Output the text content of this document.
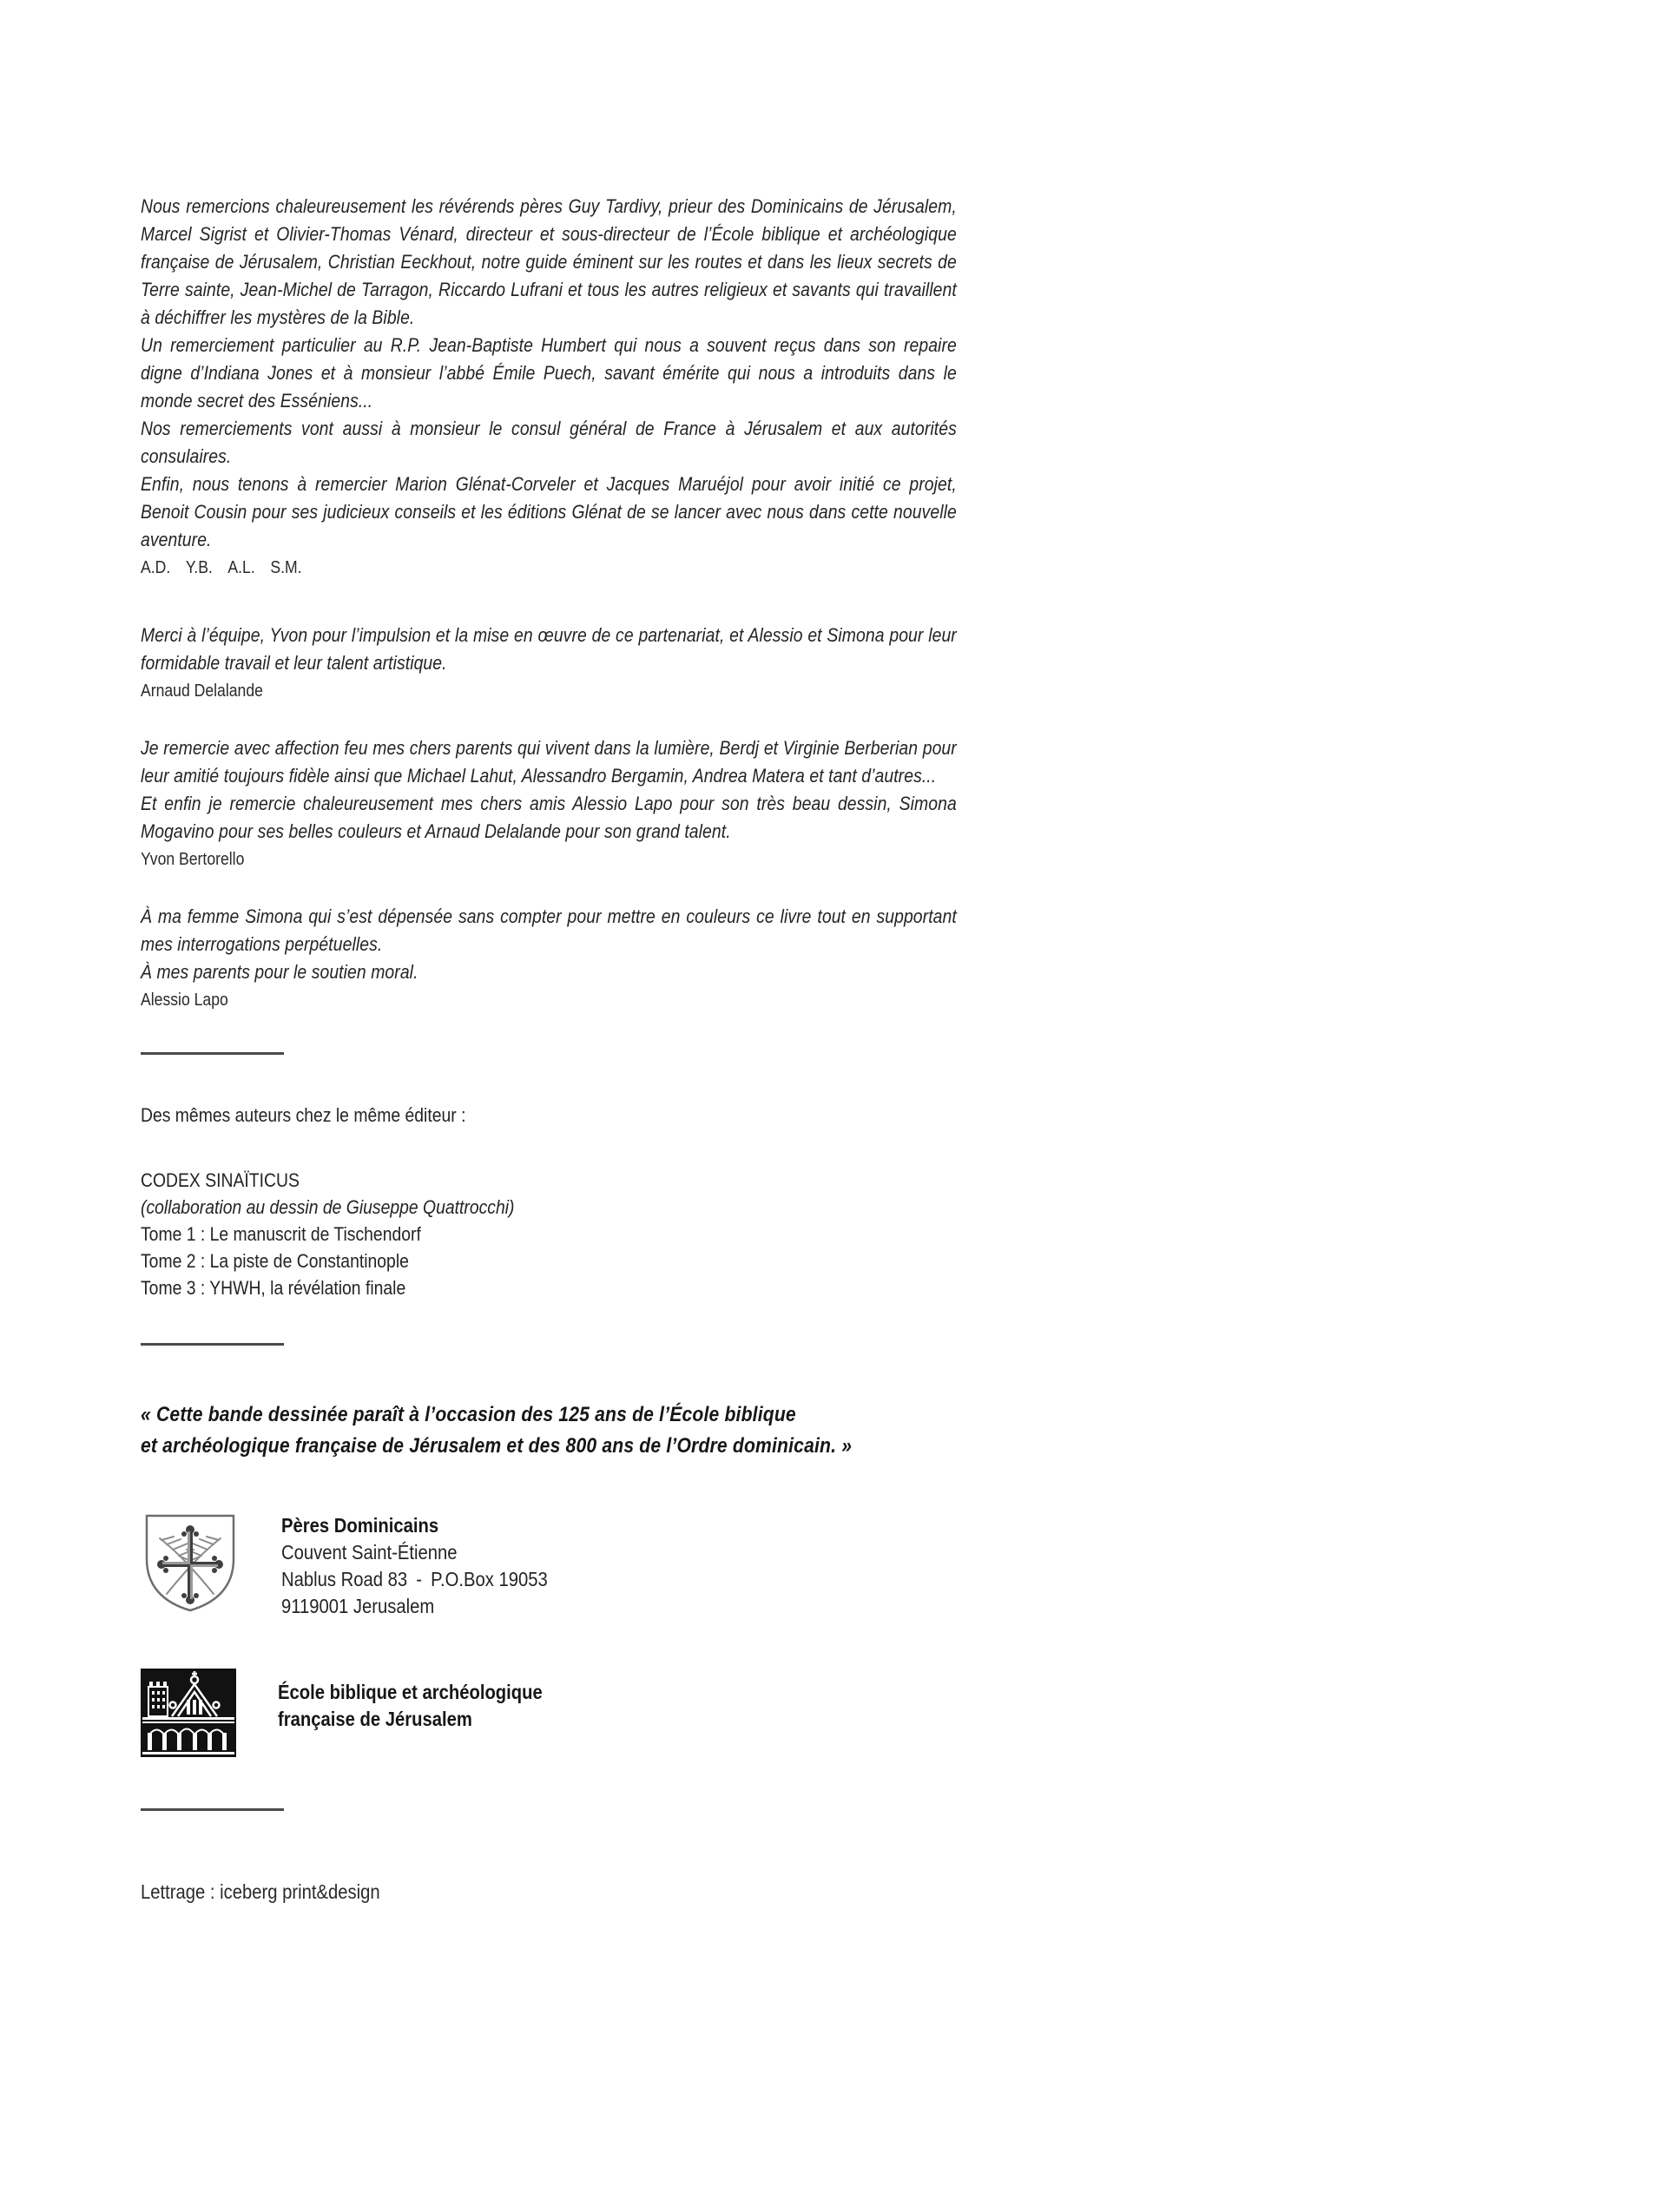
Nous remercions chaleureusement les révérends pères Guy Tardivy, prieur des Dominicains de Jérusalem, Marcel Sigrist et Olivier-Thomas Vénard, directeur et sous-directeur de l’École biblique et archéologique française de Jérusalem, Christian Eeckhout, notre guide éminent sur les routes et dans les lieux secrets de Terre sainte, Jean-Michel de Tarragon, Riccardo Lufrani et tous les autres religieux et savants qui travaillent à déchiffrer les mystères de la Bible.

Un remerciement particulier au R.P. Jean-Baptiste Humbert qui nous a souvent reçus dans son repaire digne d’Indiana Jones et à monsieur l’abbé Émile Puech, savant émérite qui nous a introduits dans le monde secret des Esséniens...

Nos remerciements vont aussi à monsieur le consul général de France à Jérusalem et aux autorités consulaires.

Enfin, nous tenons à remercier Marion Glénat-Corveler et Jacques Maruéjol pour avoir initié ce projet, Benoit Cousin pour ses judicieux conseils et les éditions Glénat de se lancer avec nous dans cette nouvelle aventure.

A.D. Y.B. A.L. S.M.

Merci à l’équipe, Yvon pour l’impulsion et la mise en œuvre de ce partenariat, et Alessio et Simona pour leur formidable travail et leur talent artistique.

Arnaud Delalande

Je remercie avec affection feu mes chers parents qui vivent dans la lumière, Berdj et Virginie Berberian pour leur amitié toujours fidèle ainsi que Michael Lahut, Alessandro Bergamin, Andrea Matera et tant d’autres...

Et enfin je remercie chaleureusement mes chers amis Alessio Lapo pour son très beau dessin, Simona Mogavino pour ses belles couleurs et Arnaud Delalande pour son grand talent.

Yvon Bertorello

À ma femme Simona qui s’est dépensée sans compter pour mettre en couleurs ce livre tout en supportant mes interrogations perpétuelles.

À mes parents pour le soutien moral.

Alessio Lapo

Des mêmes auteurs chez le même éditeur :

CODEX SINAÏTICUS

(collaboration au dessin de Giuseppe Quattrocchi)

Tome 1 : Le manuscrit de Tischendorf

Tome 2 : La piste de Constantinople

Tome 3 : YHWH, la révélation finale

« Cette bande dessinée paraît à l’occasion des 125 ans de l’École biblique

et archéologique française de Jérusalem et des 800 ans de l’Ordre dominicain. »

Pères Dominicains

Couvent Saint-Étienne

Nablus Road 83 - P.O.Box 19053

9119001 Jerusalem

École biblique et archéologique

française de Jérusalem

Lettrage : iceberg print&design
